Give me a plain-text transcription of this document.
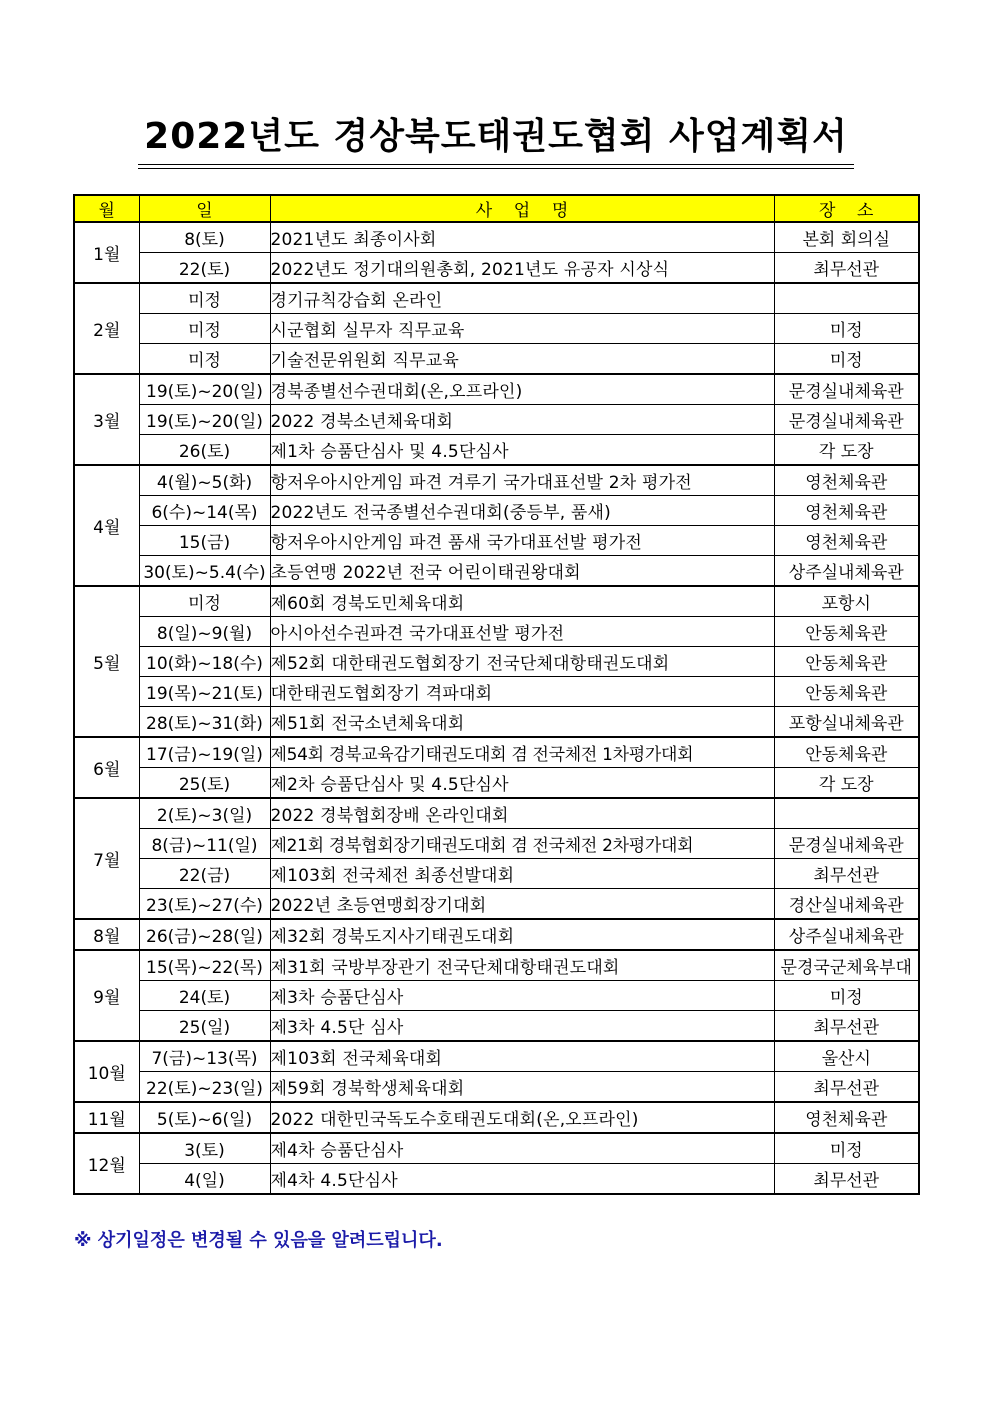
2022년도 경상북도태권도협회 사업계획서
월	일	사    업    명	장    소
1월	8(토)	2021년도 최종이사회	본회 회의실
	22(토)	2022년도 정기대의원총회, 2021년도 유공자 시상식	최무선관
2월	미정	경기규칙강습회 온라인	
	미정	시군협회 실무자 직무교육	미정
	미정	기술전문위원회 직무교육	미정
3월	19(토)~20(일)	경북종별선수권대회(온,오프라인)	문경실내체육관
	19(토)~20(일)	2022 경북소년체육대회	문경실내체육관
	26(토)	제1차 승품단심사 및 4.5단심사	각 도장
4월	4(월)~5(화)	항저우아시안게임 파견 겨루기 국가대표선발 2차 평가전	영천체육관
	6(수)~14(목)	2022년도 전국종별선수권대회(중등부, 품새)	영천체육관
	15(금)	항저우아시안게임 파견 품새 국가대표선발 평가전	영천체육관
	30(토)~5.4(수)	초등연맹 2022년 전국 어린이태권왕대회	상주실내체육관
5월	미정	제60회 경북도민체육대회	포항시
	8(일)~9(월)	아시아선수권파견 국가대표선발 평가전	안동체육관
	10(화)~18(수)	제52회 대한태권도협회장기 전국단체대항태권도대회	안동체육관
	19(목)~21(토)	대한태권도협회장기 격파대회	안동체육관
	28(토)~31(화)	제51회 전국소년체육대회	포항실내체육관
6월	17(금)~19(일)	제54회 경북교육감기태권도대회 겸 전국체전 1차평가대회	안동체육관
	25(토)	제2차 승품단심사 및 4.5단심사	각 도장
7월	2(토)~3(일)	2022 경북협회장배 온라인대회	
	8(금)~11(일)	제21회 경북협회장기태권도대회 겸 전국체전 2차평가대회	문경실내체육관
	22(금)	제103회 전국체전 최종선발대회	최무선관
	23(토)~27(수)	2022년 초등연맹회장기대회	경산실내체육관
8월	26(금)~28(일)	제32회 경북도지사기태권도대회	상주실내체육관
9월	15(목)~22(목)	제31회 국방부장관기 전국단체대항태권도대회	문경국군체육부대
	24(토)	제3차 승품단심사	미정
	25(일)	제3차 4.5단 심사	최무선관
10월	7(금)~13(목)	제103회 전국체육대회	울산시
	22(토)~23(일)	제59회 경북학생체육대회	최무선관
11월	5(토)~6(일)	2022 대한민국독도수호태권도대회(온,오프라인)	영천체육관
12월	3(토)	제4차 승품단심사	미정
	4(일)	제4차 4.5단심사	최무선관

※ 상기일정은 변경될 수 있음을 알려드립니다.
